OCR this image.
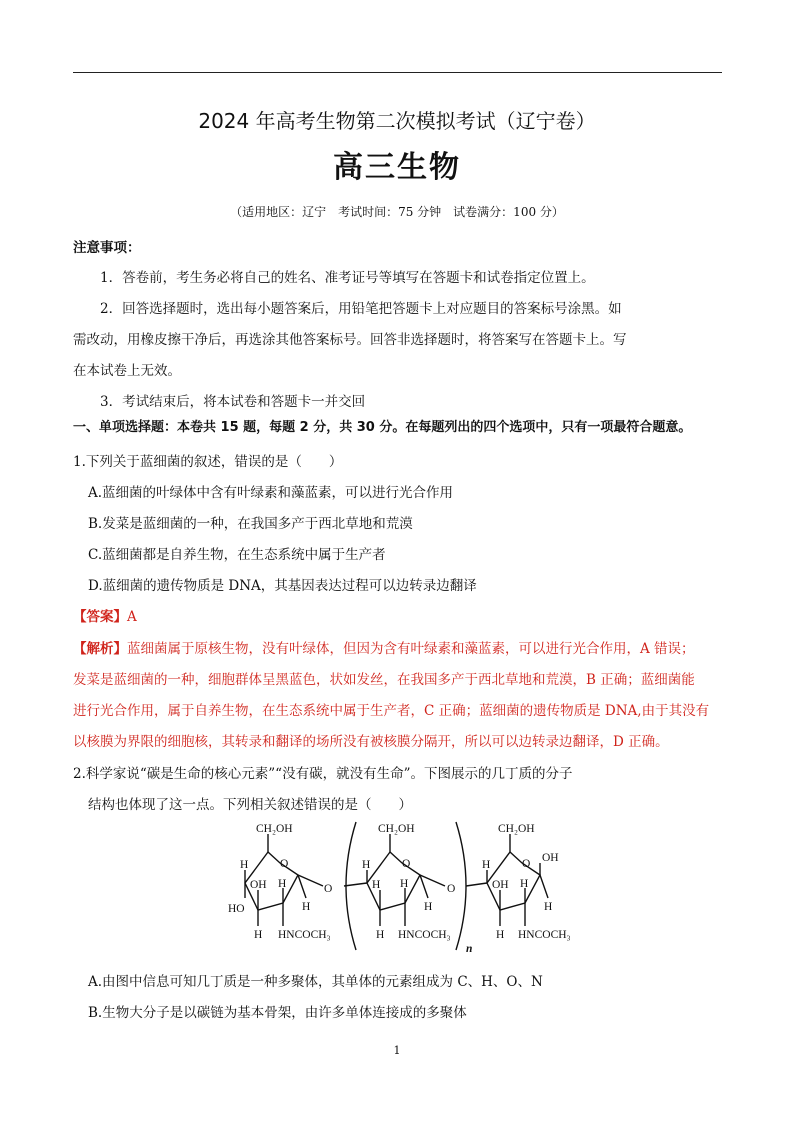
2024 年高考生物第二次模拟考试（辽宁卷）
高三生物
（适用地区：辽宁　考试时间：75 分钟　试卷满分：100 分）
注意事项：
1．答卷前，考生务必将自己的姓名、准考证号等填写在答题卡和试卷指定位置上。
2．回答选择题时，选出每小题答案后，用铅笔把答题卡上对应题目的答案标号涂黑。如
需改动，用橡皮擦干净后，再选涂其他答案标号。回答非选择题时，将答案写在答题卡上。写
在本试卷上无效。
3．考试结束后，将本试卷和答题卡一并交回
一、单项选择题：本卷共 15 题，每题 2 分，共 30 分。在每题列出的四个选项中，只有一项最符合题意。
1.下列关于蓝细菌的叙述，错误的是（　　）
A.蓝细菌的叶绿体中含有叶绿素和藻蓝素，可以进行光合作用
B.发菜是蓝细菌的一种，在我国多产于西北草地和荒漠
C.蓝细菌都是自养生物，在生态系统中属于生产者
D.蓝细菌的遗传物质是 DNA，其基因表达过程可以边转录边翻译
【答案】A
【解析】蓝细菌属于原核生物，没有叶绿体，但因为含有叶绿素和藻蓝素，可以进行光合作用，A 错误；
发菜是蓝细菌的一种，细胞群体呈黑蓝色，状如发丝，在我国多产于西北草地和荒漠，B 正确；蓝细菌能
进行光合作用，属于自养生物，在生态系统中属于生产者，C 正确；蓝细菌的遗传物质是 DNA,由于其没有
以核膜为界限的细胞核，其转录和翻译的场所没有被核膜分隔开，所以可以边转录边翻译，D 正确。
2.科学家说“碳是生命的核心元素”“没有碳，就没有生命”。下图展示的几丁质的分子
结构也体现了这一点。下列相关叙述错误的是（　　）
CH₂OH	CH₂OH	CH₂OH
O	O	O
O	O
H	H	H
OH	OH
H
H	H	H
OH
H	H	H
HO
H	H	H
HNCOCH₃	HNCOCH₃	HNCOCH₃
n
A.由图中信息可知几丁质是一种多聚体，其单体的元素组成为 C、H、O、N
B.生物大分子是以碳链为基本骨架，由许多单体连接成的多聚体
1
